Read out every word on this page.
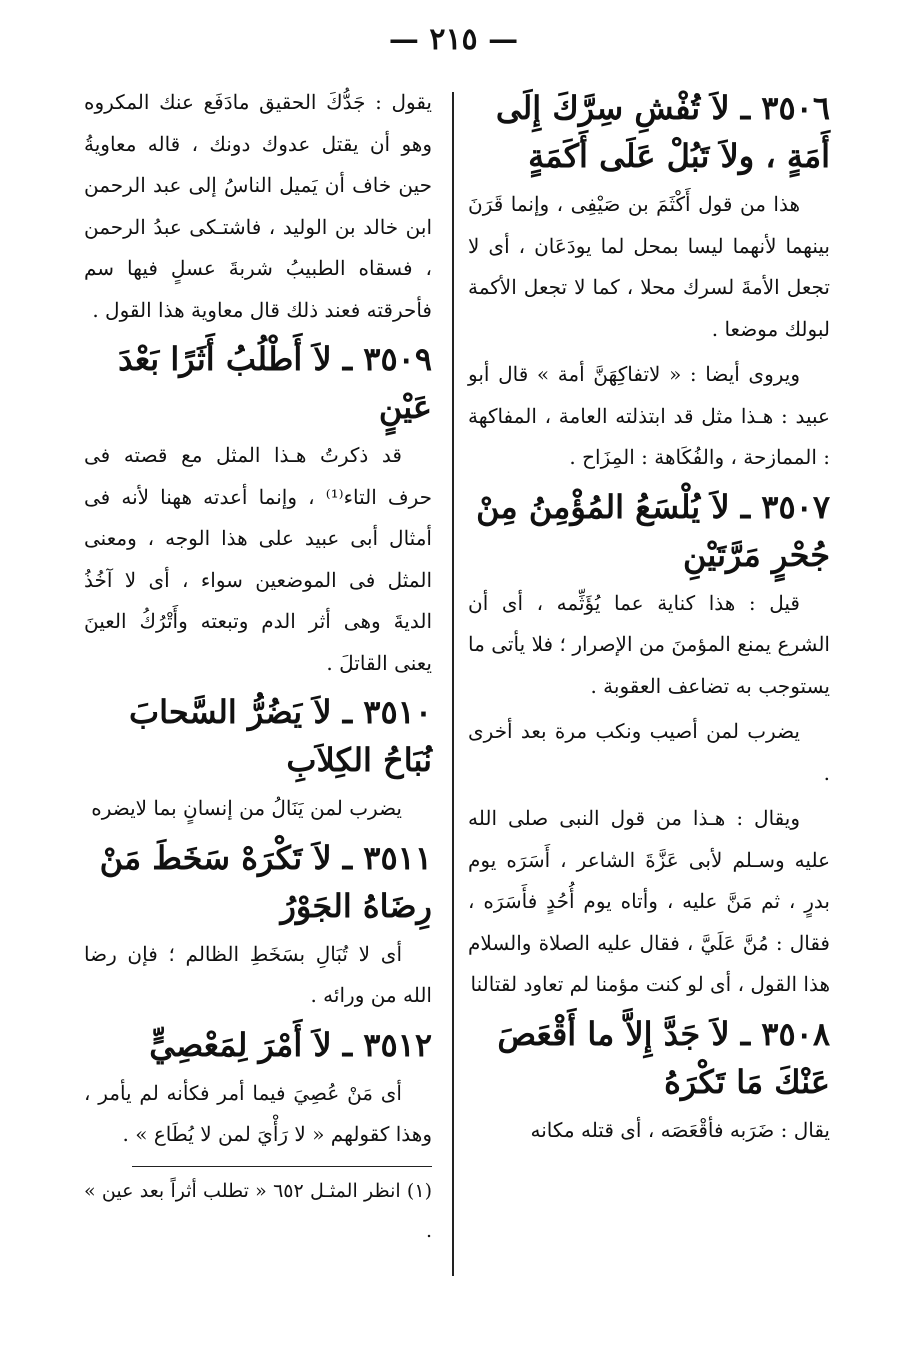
— ٢١٥ —
٣٥٠٦ ـ لاَ تُفْشِ سِرَّكَ إِلَى أَمَةٍ ، ولاَ تَبُلْ عَلَى أَكَمَةٍ

هذا من قول أَكْثَمَ بن صَيْفِى ، وإنما قَرَنَ بينهما لأنهما ليسا بمحل لما يودَعَان ، أى لا تجعل الأمةَ لسرك محلا ، كما لا تجعل الأكمة لبولك موضعا .

ويروى أيضا : « لاتفاكِهَنَّ أمة » قال أبو عبيد : هـذا مثل قد ابتذلته العامة ، المفاكهة : الممازحة ، والفُكَاهة : المِزَاح .

٣٥٠٧ ـ لاَ يُلْسَعُ المُؤْمِنُ مِنْ جُحْرٍ مَرَّتَيْنِ

قيل : هذا كناية عما يُؤَثِّمه ، أى أن الشرع يمنع المؤمنَ من الإصرار ؛ فلا يأتى ما يستوجب به تضاعف العقوبة .

يضرب لمن أصيب ونكب مرة بعد أخرى .

ويقال : هـذا من قول النبى صلى الله عليه وسـلم لأبى عَزَّةَ الشاعر ، أَسَرَه يوم بدرٍ ، ثم مَنَّ عليه ، وأتاه يوم أُحُدٍ فأَسَرَه ، فقال : مُنَّ عَلَيَّ ، فقال عليه الصلاة والسلام هذا القول ، أى لو كنت مؤمنا لم تعاود لقتالنا

٣٥٠٨ ـ لاَ جَدَّ إِلاَّ ما أَقْعَصَ عَنْكَ مَا تَكْرَهُ

يقال : ضَرَبه فأقْعَصَه ، أى قتله مكانه

يقول : جَدُّكَ الحقيق مادَفَع عنك المكروه وهو أن يقتل عدوك دونك ، قاله معاويةُ حين خاف أن يَميل الناسُ إلى عبد الرحمن ابن خالد بن الوليد ، فاشتـكى عبدُ الرحمن ، فسقاه الطبيبُ شربةَ عسلٍ فيها سم فأحرقته فعند ذلك قال معاوية هذا القول .

٣٥٠٩ ـ لاَ أَطْلُبُ أَثَرًا بَعْدَ عَيْنٍ

قد ذكرتُ هـذا المثل مع قصته فى حرف التاء⁽¹⁾ ، وإنما أعدته ههنا لأنه فى أمثال أبى عبيد على هذا الوجه ، ومعنى المثل فى الموضعين سواء ، أى لا آخُذُ الديةَ وهى أثر الدم وتبعته وأَتْرُكُ العينَ يعنى القاتلَ .

٣٥١٠ ـ لاَ يَضُرُّ السَّحابَ نُبَاحُ الكِلاَبِ

يضرب لمن يَنَالُ من إنسانٍ بما لايضره

٣٥١١ ـ لاَ تَكْرَهْ سَخَطَ مَنْ رِضَاهُ الجَوْرُ

أى لا تُبَالِ بسَخَطِ الظالم ؛ فإن رضا الله من ورائه .

٣٥١٢ ـ لاَ أَمْرَ لِمَعْصِيٍّ

أى مَنْ عُصِيَ فيما أمر فكأنه لم يأمر ، وهذا كقولهم « لا رَأْيَ لمن لا يُطَاع » .

(١) انظر المثـل ٦٥٢ « تطلب أثراً بعد عين » .
